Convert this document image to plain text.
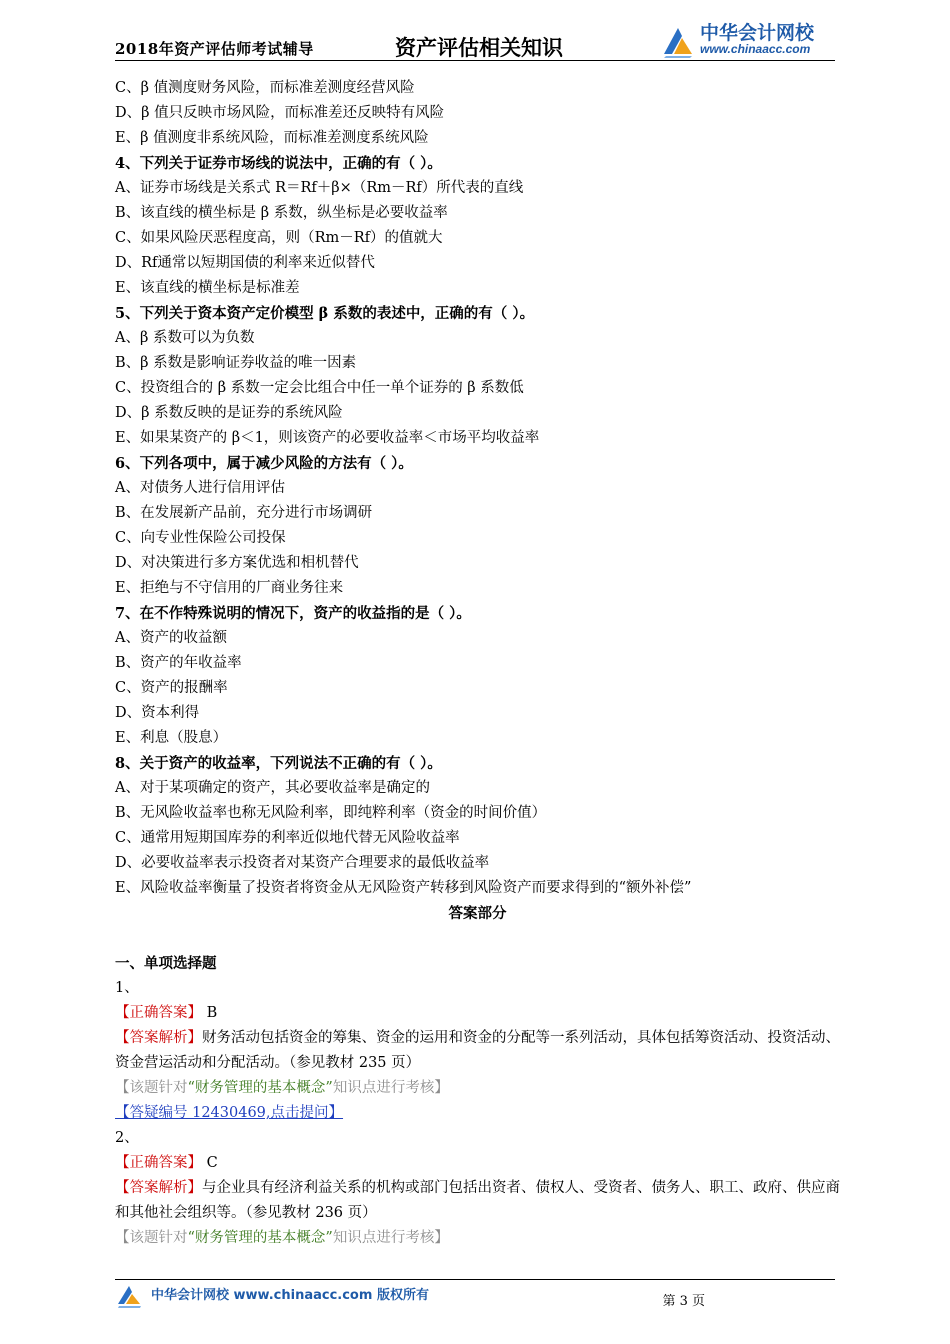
2018年资产评估师考试辅导	资产评估相关知识
中华会计网校
www.chinaacc.com
C、β 值测度财务风险，而标准差测度经营风险
D、β 值只反映市场风险，而标准差还反映特有风险
E、β 值测度非系统风险，而标准差测度系统风险
4、下列关于证券市场线的说法中，正确的有（ ）。
A、证券市场线是关系式 R＝Rf＋β×（Rm－Rf）所代表的直线
B、该直线的横坐标是 β 系数，纵坐标是必要收益率
C、如果风险厌恶程度高，则（Rm－Rf）的值就大
D、Rf通常以短期国债的利率来近似替代
E、该直线的横坐标是标准差
5、下列关于资本资产定价模型 β 系数的表述中，正确的有（ ）。
A、β 系数可以为负数
B、β 系数是影响证券收益的唯一因素
C、投资组合的 β 系数一定会比组合中任一单个证券的 β 系数低
D、β 系数反映的是证券的系统风险
E、如果某资产的 β＜1，则该资产的必要收益率＜市场平均收益率
6、下列各项中，属于减少风险的方法有（ ）。
A、对债务人进行信用评估
B、在发展新产品前，充分进行市场调研
C、向专业性保险公司投保
D、对决策进行多方案优选和相机替代
E、拒绝与不守信用的厂商业务往来
7、在不作特殊说明的情况下，资产的收益指的是（ ）。
A、资产的收益额
B、资产的年收益率
C、资产的报酬率
D、资本利得
E、利息（股息）
8、关于资产的收益率，下列说法不正确的有（ ）。
A、对于某项确定的资产，其必要收益率是确定的
B、无风险收益率也称无风险利率，即纯粹利率（资金的时间价值）
C、通常用短期国库券的利率近似地代替无风险收益率
D、必要收益率表示投资者对某资产合理要求的最低收益率
E、风险收益率衡量了投资者将资金从无风险资产转移到风险资产而要求得到的“额外补偿”
答案部分
一、单项选择题
1、
【正确答案】 B
【答案解析】财务活动包括资金的筹集、资金的运用和资金的分配等一系列活动，具体包括筹资活动、投资活动、资金营运活动和分配活动。（参见教材 235 页）
【该题针对“财务管理的基本概念”知识点进行考核】
【答疑编号 12430469,点击提问】
2、
【正确答案】 C
【答案解析】与企业具有经济利益关系的机构或部门包括出资者、债权人、受资者、债务人、职工、政府、供应商和其他社会组织等。（参见教材 236 页）
【该题针对“财务管理的基本概念”知识点进行考核】
中华会计网校 www.chinaacc.com 版权所有	第 3 页
